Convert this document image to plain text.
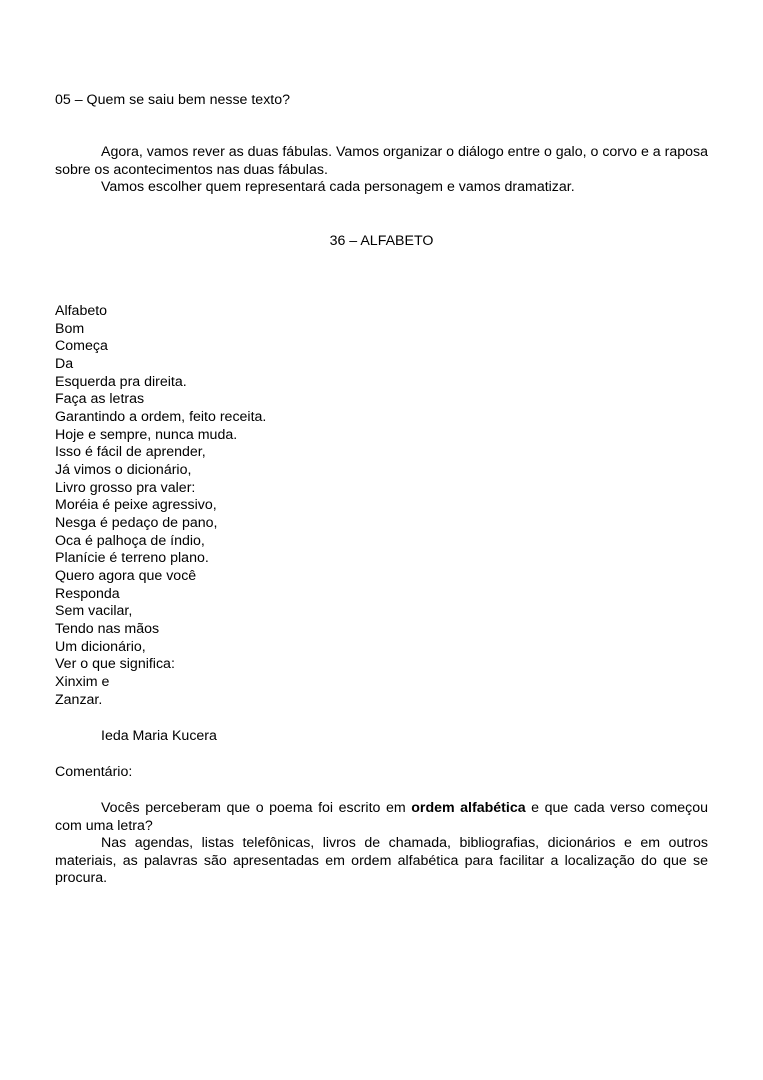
05 – Quem se saiu bem nesse texto?
Agora, vamos rever as duas fábulas. Vamos organizar o diálogo entre o galo, o corvo e a raposa sobre os acontecimentos nas duas fábulas.
Vamos escolher quem representará cada personagem e vamos dramatizar.
36 – ALFABETO
Alfabeto
Bom
Começa
Da
Esquerda pra direita.
Faça as letras
Garantindo a ordem, feito receita.
Hoje e sempre, nunca muda.
Isso é fácil de aprender,
Já vimos o dicionário,
Livro grosso pra valer:
Moréia é peixe agressivo,
Nesga é pedaço de pano,
Oca é palhoça de índio,
Planície é terreno plano.
Quero agora que você
Responda
Sem vacilar,
Tendo nas mãos
Um dicionário,
Ver o que significa:
Xinxim e
Zanzar.
Ieda Maria Kucera
Comentário:
Vocês perceberam que o poema foi escrito em ordem alfabética e que cada verso começou com uma letra?
Nas agendas, listas telefônicas, livros de chamada, bibliografias, dicionários e em outros materiais, as palavras são apresentadas em ordem alfabética para facilitar a localização do que se procura.
